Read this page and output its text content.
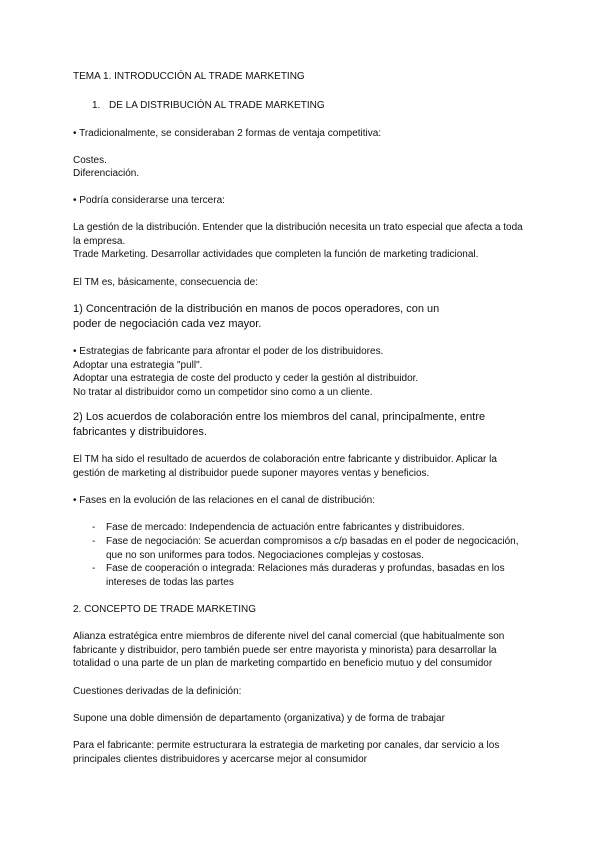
TEMA 1. INTRODUCCIÓN AL TRADE MARKETING
1. DE LA DISTRIBUCIÓN AL TRADE MARKETING
• Tradicionalmente, se consideraban 2 formas de ventaja competitiva:
Costes.
Diferenciación.
• Podría considerarse una tercera:
La gestión de la distribución. Entender que la distribución necesita un trato especial que afecta a toda
la empresa.
Trade Marketing. Desarrollar actividades que completen la función de marketing tradicional.
El TM es, básicamente, consecuencia de:
1) Concentración de la distribución en manos de pocos operadores, con un
poder de negociación cada vez mayor.
• Estrategias de fabricante para afrontar el poder de los distribuidores.
Adoptar una estrategia "pull".
Adoptar una estrategia de coste del producto y ceder la gestión al distribuidor.
No tratar al distribuidor como un competidor sino como a un cliente.
2) Los acuerdos de colaboración entre los miembros del canal, principalmente, entre
fabricantes y distribuidores.
El TM ha sido el resultado de acuerdos de colaboración entre fabricante y distribuidor. Aplicar la
gestión de marketing al distribuidor puede suponer mayores ventas y beneficios.
• Fases en la evolución de las relaciones en el canal de distribución:
- Fase de mercado: Independencia de actuación entre fabricantes y distribuidores.
- Fase de negociación: Se acuerdan compromisos a c/p basadas en el poder de negocicación,
que no son uniformes para todos. Negociaciones complejas y costosas.
- Fase de cooperación o integrada: Relaciones más duraderas y profundas, basadas en los
intereses de todas las partes
2. CONCEPTO DE TRADE MARKETING
Alianza estratégica entre miembros de diferente nivel del canal comercial (que habitualmente son
fabricante y distribuidor, pero también puede ser entre mayorista y minorista) para desarrollar la
totalidad o una parte de un plan de marketing compartido en beneficio mutuo y del consumidor
Cuestiones derivadas de la definición:
Supone una doble dimensión de departamento (organizativa) y de forma de trabajar
Para el fabricante: permite estructurara la estrategia de marketing por canales, dar servicio a los
principales clientes distribuidores y acercarse mejor al consumidor
